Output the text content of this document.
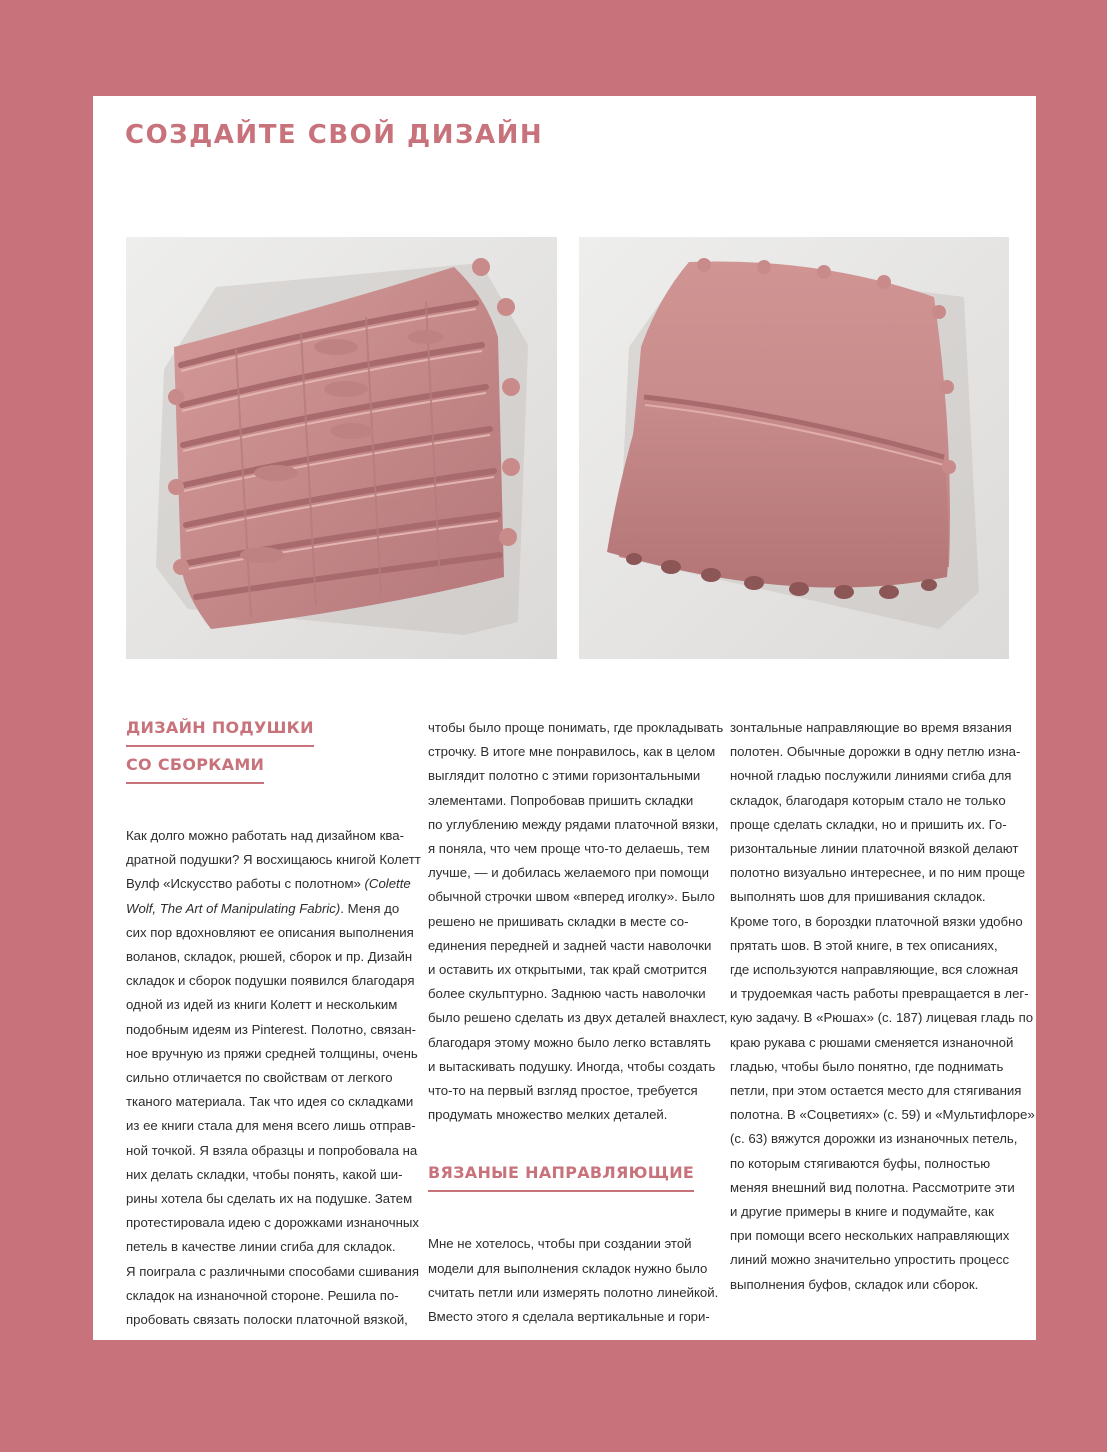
СОЗДАЙТЕ СВОЙ ДИЗАЙН
ДИЗАЙН ПОДУШКИ
СО СБОРКАМИ

Как долго можно работать над дизайном ква-
дратной подушки? Я восхищаюсь книгой Колетт
Вулф «Искусство работы с полотном» (Colette
Wolf, The Art of Manipulating Fabric). Меня до
сих пор вдохновляют ее описания выполнения
воланов, складок, рюшей, сборок и пр. Дизайн
складок и сборок подушки появился благодаря
одной из идей из книги Колетт и нескольким
подобным идеям из Pinterest. Полотно, связан-
ное вручную из пряжи средней толщины, очень
сильно отличается по свойствам от легкого
тканого материала. Так что идея со складками
из ее книги стала для меня всего лишь отправ-
ной точкой. Я взяла образцы и попробовала на
них делать складки, чтобы понять, какой ши-
рины хотела бы сделать их на подушке. Затем
протестировала идею с дорожками изнаночных
петель в качестве линии сгиба для складок.
Я поиграла с различными способами сшивания
складок на изнаночной стороне. Решила по-
пробовать связать полоски платочной вязкой,

чтобы было проще понимать, где прокладывать
строчку. В итоге мне понравилось, как в целом
выглядит полотно с этими горизонтальными
элементами. Попробовав пришить складки
по углублению между рядами платочной вязки,
я поняла, что чем проще что-то делаешь, тем
лучше, — и добилась желаемого при помощи
обычной строчки швом «вперед иголку». Было
решено не пришивать складки в месте со-
единения передней и задней части наволочки
и оставить их открытыми, так край смотрится
более скульптурно. Заднюю часть наволочки
было решено сделать из двух деталей внахлест,
благодаря этому можно было легко вставлять
и вытаскивать подушку. Иногда, чтобы создать
что-то на первый взгляд простое, требуется
продумать множество мелких деталей.

ВЯЗАНЫЕ НАПРАВЛЯЮЩИЕ

Мне не хотелось, чтобы при создании этой
модели для выполнения складок нужно было
считать петли или измерять полотно линейкой.
Вместо этого я сделала вертикальные и гори-

зонтальные направляющие во время вязания
полотен. Обычные дорожки в одну петлю изна-
ночной гладью послужили линиями сгиба для
складок, благодаря которым стало не только
проще сделать складки, но и пришить их. Го-
ризонтальные линии платочной вязкой делают
полотно визуально интереснее, и по ним проще
выполнять шов для пришивания складок.
Кроме того, в бороздки платочной вязки удобно
прятать шов. В этой книге, в тех описаниях,
где используются направляющие, вся сложная
и трудоемкая часть работы превращается в лег-
кую задачу. В «Рюшах» (с. 187) лицевая гладь по
краю рукава с рюшами сменяется изнаночной
гладью, чтобы было понятно, где поднимать
петли, при этом остается место для стягивания
полотна. В «Соцветиях» (с. 59) и «Мультифлоре»
(с. 63) вяжутся дорожки из изнаночных петель,
по которым стягиваются буфы, полностью
меняя внешний вид полотна. Рассмотрите эти
и другие примеры в книге и подумайте, как
при помощи всего нескольких направляющих
линий можно значительно упростить процесс
выполнения буфов, складок или сборок.
